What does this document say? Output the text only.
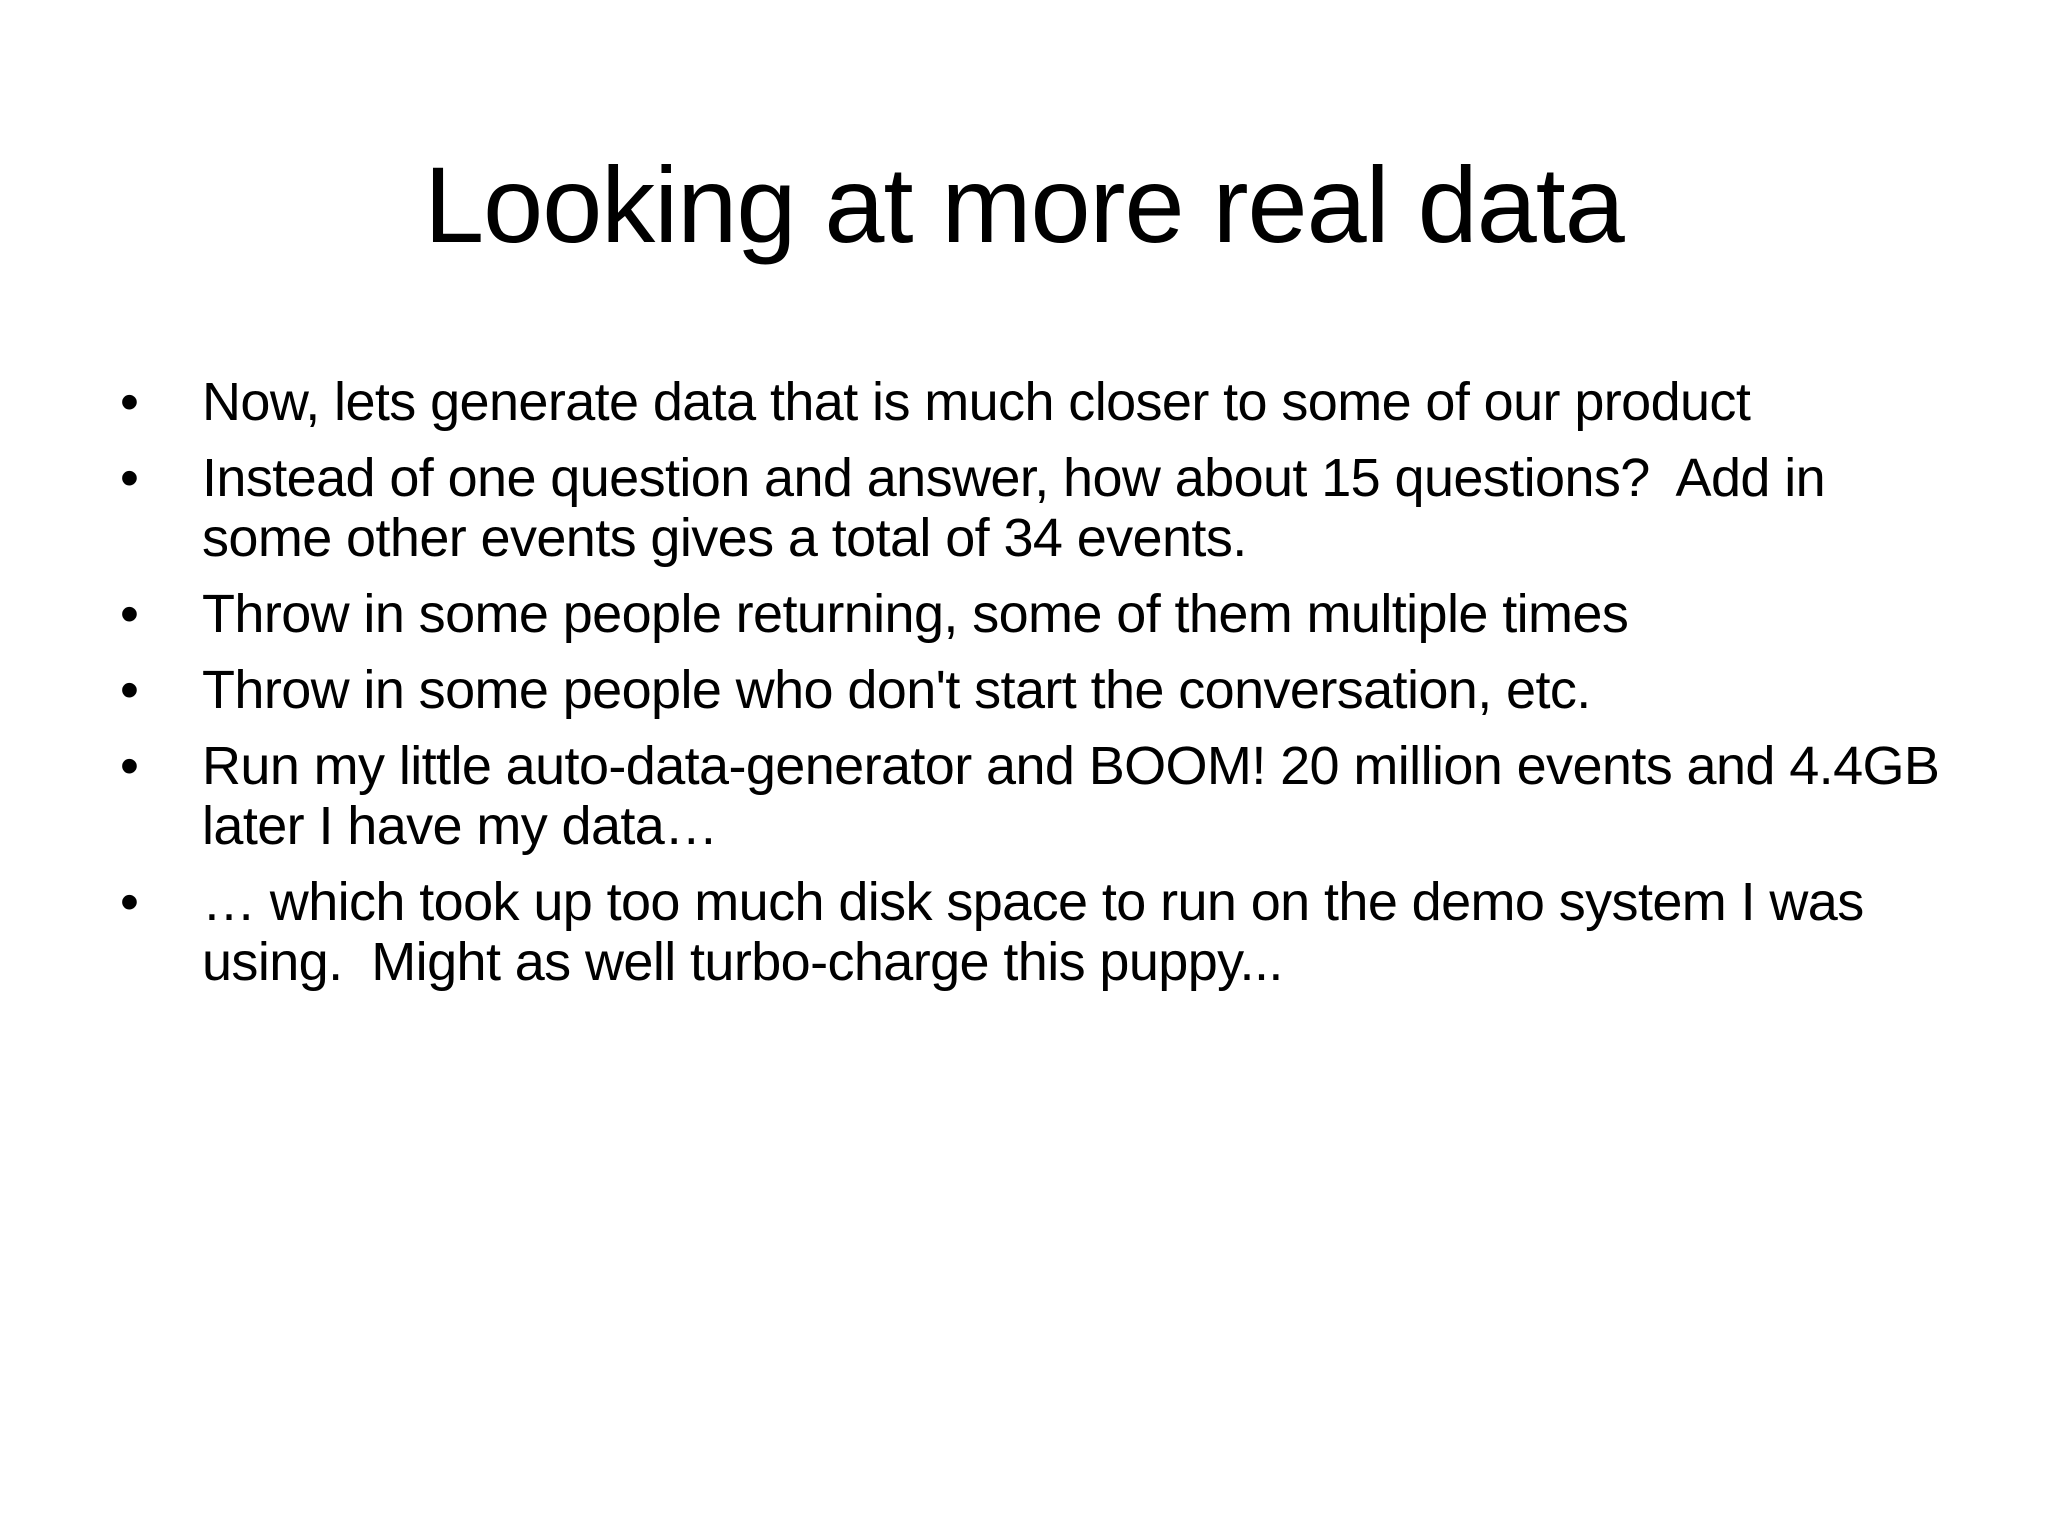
Looking at more real data
•	Now, lets generate data that is much closer to some of our product
•	Instead of one question and answer, how about 15 questions?  Add in some other events gives a total of 34 events.
•	Throw in some people returning, some of them multiple times
•	Throw in some people who don't start the conversation, etc.
•	Run my little auto-data-generator and BOOM! 20 million events and 4.4GB later I have my data…
•	… which took up too much disk space to run on the demo system I was using.  Might as well turbo-charge this puppy...
